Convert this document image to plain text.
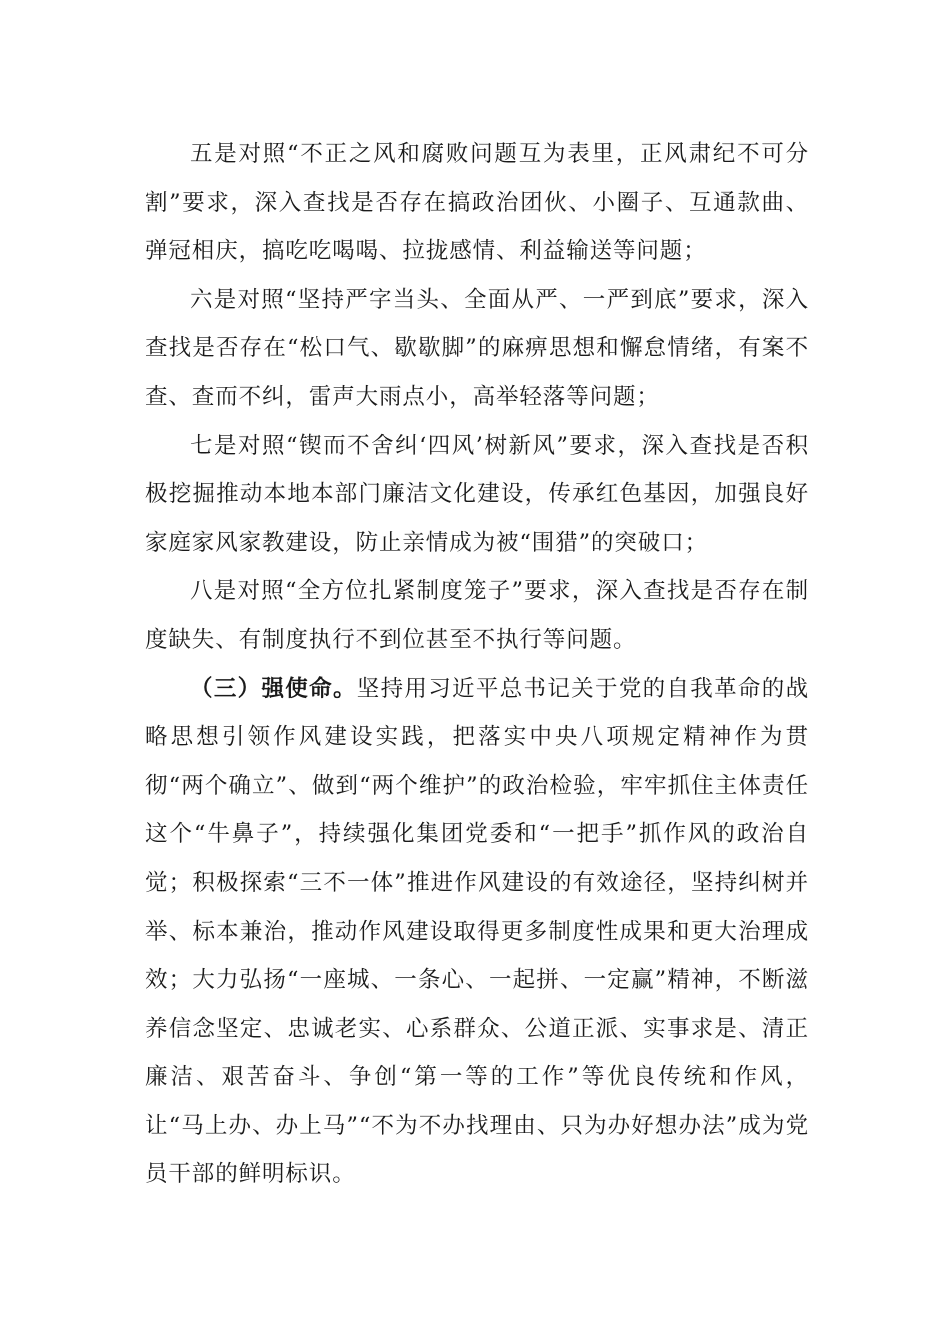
五是对照“不正之风和腐败问题互为表里，正风肃纪不可分割”要求，深入查找是否存在搞政治团伙、小圈子、互通款曲、弹冠相庆，搞吃吃喝喝、拉拢感情、利益输送等问题；

六是对照“坚持严字当头、全面从严、一严到底”要求，深入查找是否存在“松口气、歇歇脚”的麻痹思想和懈怠情绪，有案不查、查而不纠，雷声大雨点小，高举轻落等问题；

七是对照“锲而不舍纠‘四风’树新风”要求，深入查找是否积极挖掘推动本地本部门廉洁文化建设，传承红色基因，加强良好家庭家风家教建设，防止亲情成为被“围猎”的突破口；

八是对照“全方位扎紧制度笼子”要求，深入查找是否存在制度缺失、有制度执行不到位甚至不执行等问题。

（三）强使命。坚持用习近平总书记关于党的自我革命的战略思想引领作风建设实践，把落实中央八项规定精神作为贯彻“两个确立”、做到“两个维护”的政治检验，牢牢抓住主体责任这个“牛鼻子”，持续强化集团党委和“一把手”抓作风的政治自觉；积极探索“三不一体”推进作风建设的有效途径，坚持纠树并举、标本兼治，推动作风建设取得更多制度性成果和更大治理成效；大力弘扬“一座城、一条心、一起拼、一定赢”精神，不断滋养信念坚定、忠诚老实、心系群众、公道正派、实事求是、清正廉洁、艰苦奋斗、争创“第一等的工作”等优良传统和作风，让“马上办、办上马”“不为不办找理由、只为办好想办法”成为党员干部的鲜明标识。
